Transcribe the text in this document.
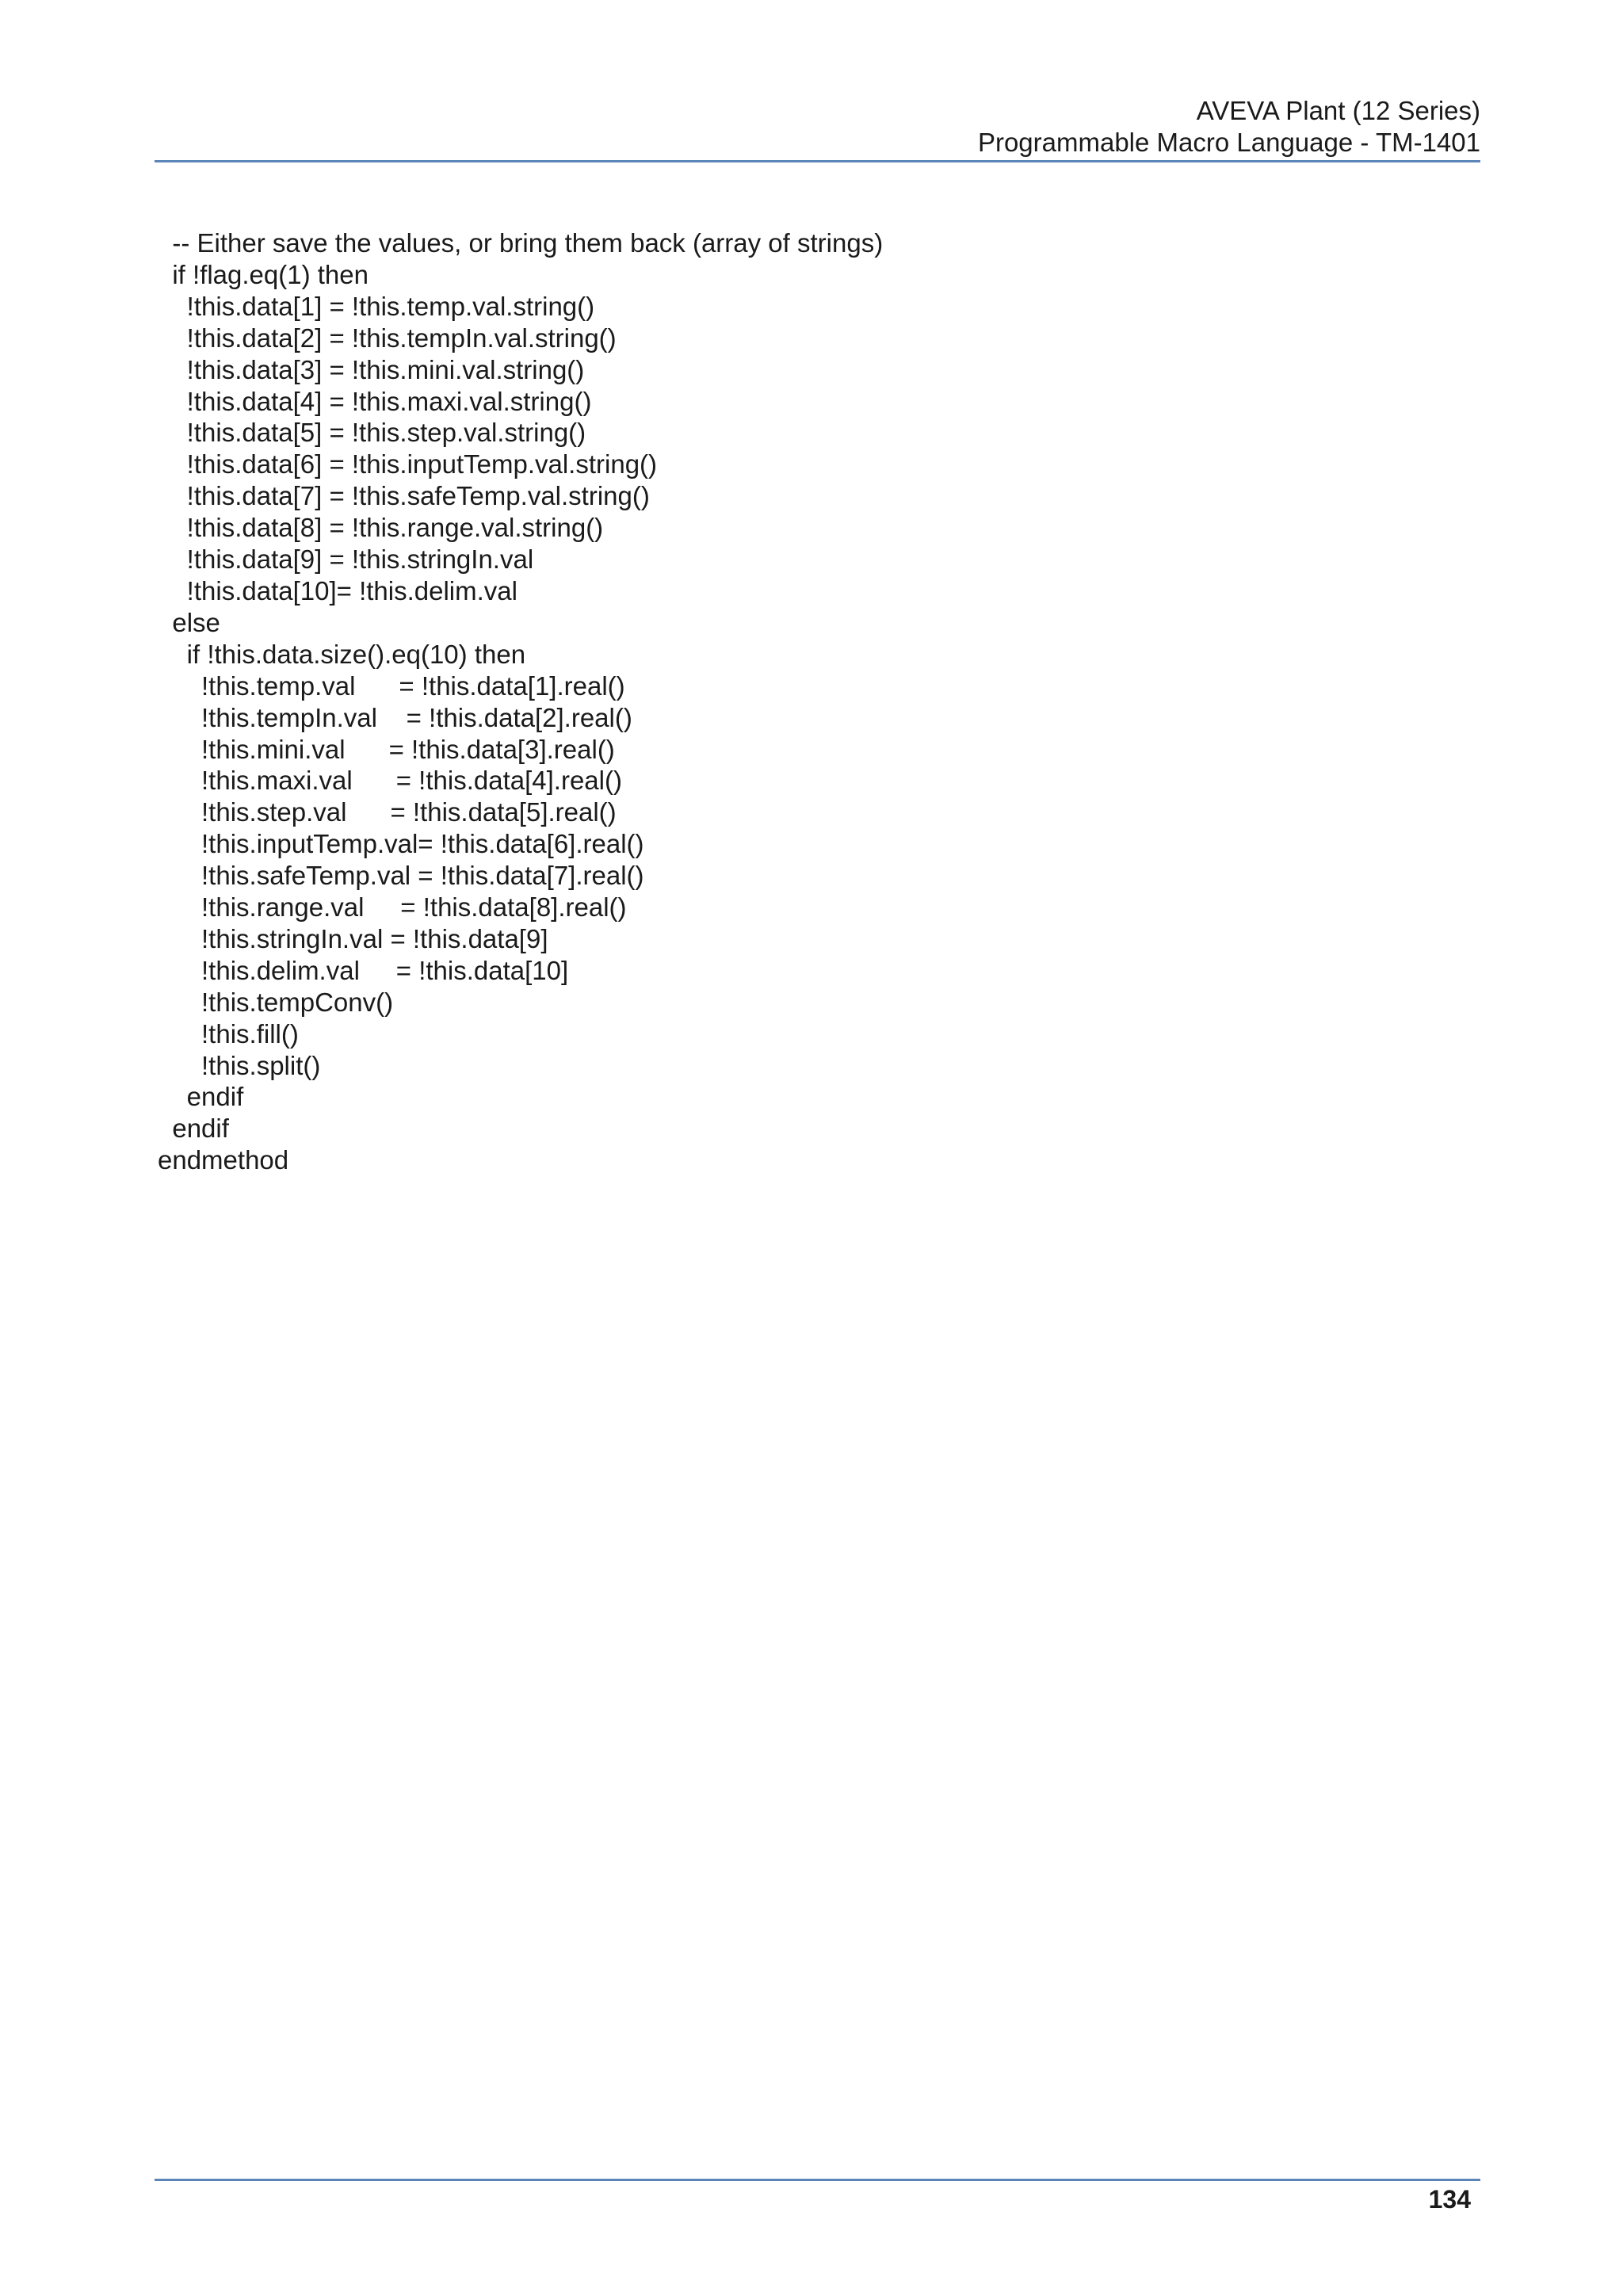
AVEVA Plant (12 Series)
Programmable Macro Language - TM-1401
-- Either save the values, or bring them back (array of strings)
if !flag.eq(1) then
!this.data[1] = !this.temp.val.string()
!this.data[2] = !this.tempIn.val.string()
!this.data[3] = !this.mini.val.string()
!this.data[4] = !this.maxi.val.string()
!this.data[5] = !this.step.val.string()
!this.data[6] = !this.inputTemp.val.string()
!this.data[7] = !this.safeTemp.val.string()
!this.data[8] = !this.range.val.string()
!this.data[9] = !this.stringIn.val
!this.data[10]= !this.delim.val
else
if !this.data.size().eq(10) then
!this.temp.val      = !this.data[1].real()
!this.tempIn.val    = !this.data[2].real()
!this.mini.val      = !this.data[3].real()
!this.maxi.val      = !this.data[4].real()
!this.step.val      = !this.data[5].real()
!this.inputTemp.val= !this.data[6].real()
!this.safeTemp.val = !this.data[7].real()
!this.range.val     = !this.data[8].real()
!this.stringIn.val = !this.data[9]
!this.delim.val     = !this.data[10]
!this.tempConv()
!this.fill()
!this.split()
endif
endif
endmethod
134
